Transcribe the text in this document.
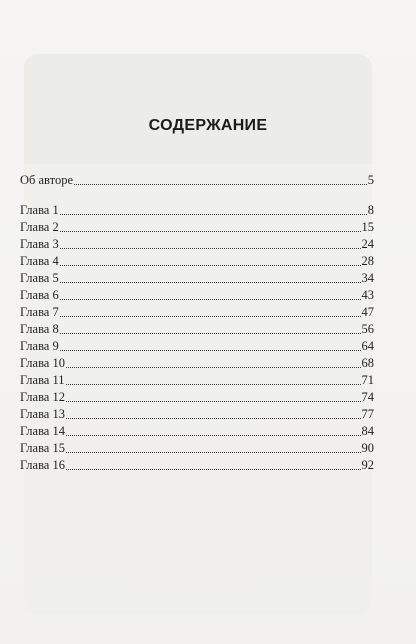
СОДЕРЖАНИЕ
Об авторе	5
Глава 1	8
Глава 2	15
Глава 3	24
Глава 4	28
Глава 5	34
Глава 6	43
Глава 7	47
Глава 8	56
Глава 9	64
Глава 10	68
Глава 11	71
Глава 12	74
Глава 13	77
Глава 14	84
Глава 15	90
Глава 16	92
